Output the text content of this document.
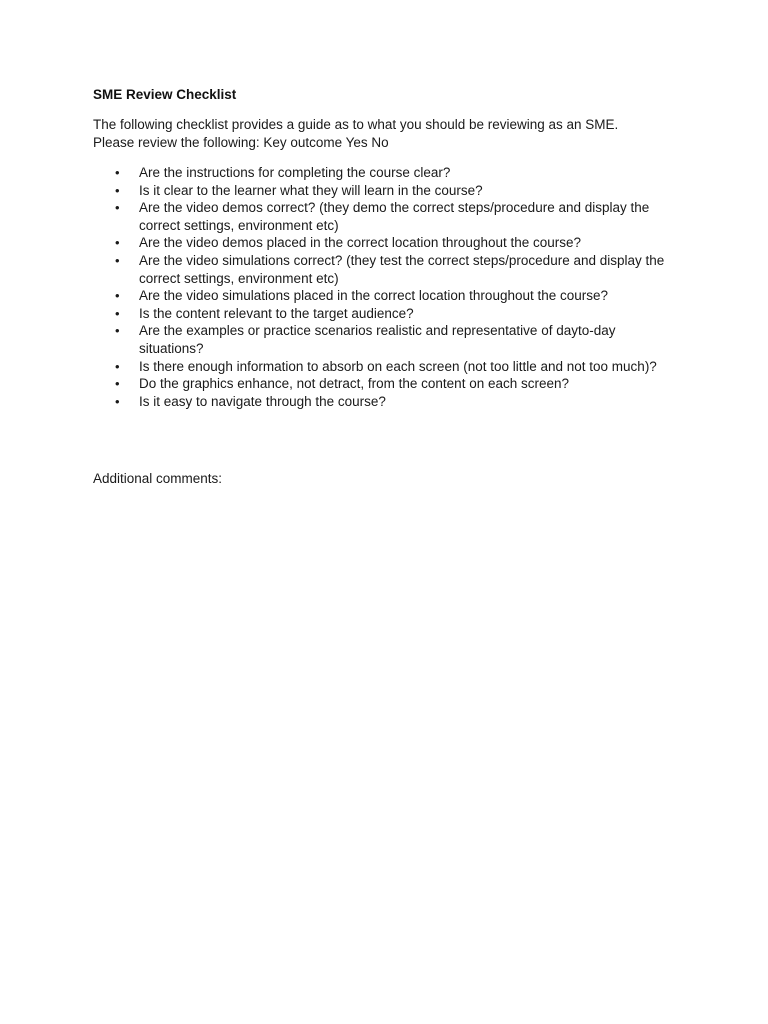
SME Review Checklist
The following checklist provides a guide as to what you should be reviewing as an SME.
Please review the following: Key outcome Yes No
• Are the instructions for completing the course clear?
• Is it clear to the learner what they will learn in the course?
• Are the video demos correct? (they demo the correct steps/procedure and display the correct settings, environment etc)
• Are the video demos placed in the correct location throughout the course?
• Are the video simulations correct? (they test the correct steps/procedure and display the correct settings, environment etc)
• Are the video simulations placed in the correct location throughout the course?
• Is the content relevant to the target audience?
• Are the examples or practice scenarios realistic and representative of dayto-day situations?
• Is there enough information to absorb on each screen (not too little and not too much)?
• Do the graphics enhance, not detract, from the content on each screen?
• Is it easy to navigate through the course?
Additional comments:
